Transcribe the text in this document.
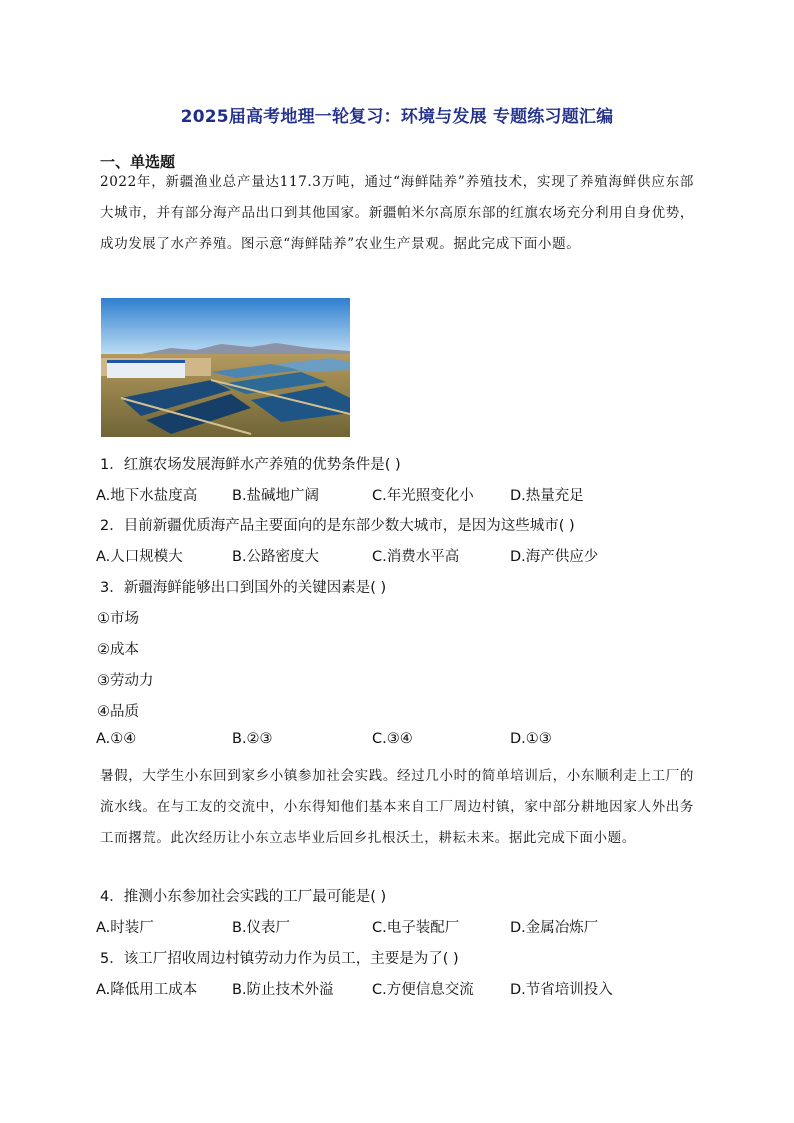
2025届高考地理一轮复习：环境与发展 专题练习题汇编
一、单选题
2022年，新疆渔业总产量达117.3万吨，通过“海鲜陆养”养殖技术，实现了养殖海鲜供应东部大城市，并有部分海产品出口到其他国家。新疆帕米尔高原东部的红旗农场充分利用自身优势，成功发展了水产养殖。图示意“海鲜陆养”农业生产景观。据此完成下面小题。
1．红旗农场发展海鲜水产养殖的优势条件是( )
A.地下水盐度高 B.盐碱地广阔	C.年光照变化小	D.热量充足
2．目前新疆优质海产品主要面向的是东部少数大城市，是因为这些城市( )
A.人口规模大	B.公路密度大	C.消费水平高	D.海产供应少
3．新疆海鲜能够出口到国外的关键因素是( )
①市场
②成本
③劳动力
④品质
A.①④	B.②③	C.③④	D.①③
暑假，大学生小东回到家乡小镇参加社会实践。经过几小时的简单培训后，小东顺利走上工厂的流水线。在与工友的交流中，小东得知他们基本来自工厂周边村镇，家中部分耕地因家人外出务工而撂荒。此次经历让小东立志毕业后回乡扎根沃土，耕耘未来。据此完成下面小题。
4．推测小东参加社会实践的工厂最可能是( )
A.时装厂	B.仪表厂	C.电子装配厂	D.金属冶炼厂
5．该工厂招收周边村镇劳动力作为员工，主要是为了( )
A.降低用工成本 B.防止技术外溢	C.方便信息交流	D.节省培训投入
